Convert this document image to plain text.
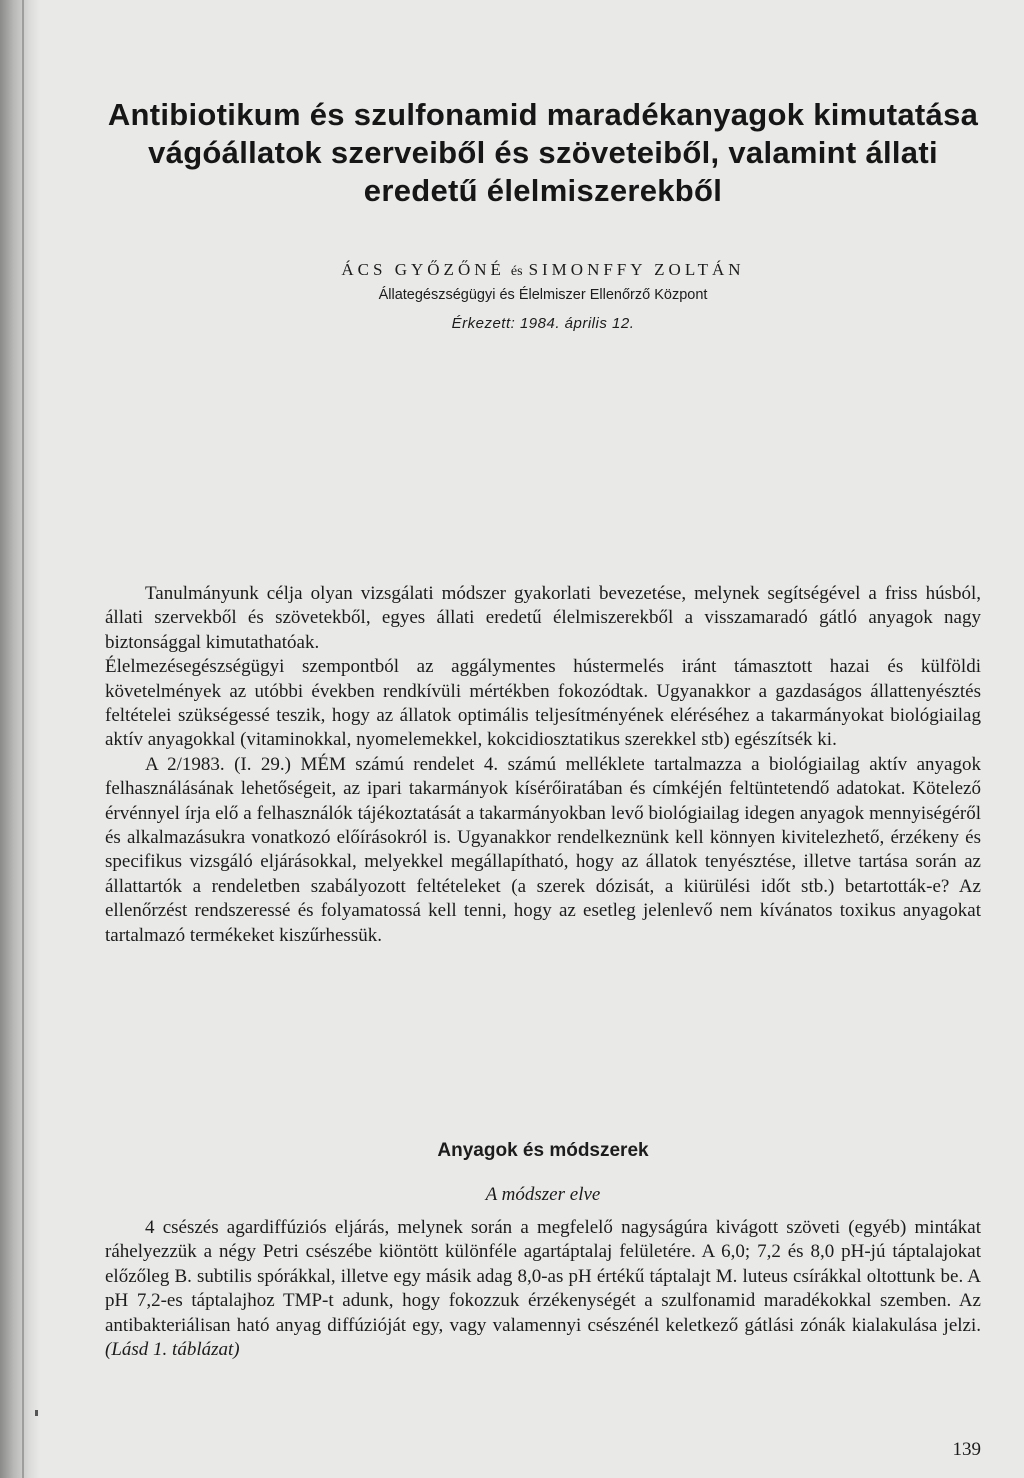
Antibiotikum és szulfonamid maradékanyagok kimutatása
vágóállatok szerveiből és szöveteiből, valamint állati
eredetű élelmiszerekből
ÁCS GYŐZŐNÉ és SIMONFFY ZOLTÁN
Állategészségügyi és Élelmiszer Ellenőrző Központ
Érkezett: 1984. április 12.

Tanulmányunk célja olyan vizsgálati módszer gyakorlati bevezetése, melynek segítségével a friss húsból, állati szervekből és szövetekből, egyes állati eredetű élelmiszerekből a visszamaradó gátló anyagok nagy biztonsággal kimutathatóak.

Élelmezésegészségügyi szempontból az aggálymentes hústermelés iránt támasztott hazai és külföldi követelmények az utóbbi években rendkívüli mértékben fokozódtak. Ugyanakkor a gazdaságos állattenyésztés feltételei szükségessé teszik, hogy az állatok optimális teljesítményének eléréséhez a takarmányokat biológiailag aktív anyagokkal (vitaminokkal, nyomelemekkel, kokcidiosztatikus szerekkel stb) egészítsék ki.

A 2/1983. (I. 29.) MÉM számú rendelet 4. számú melléklete tartalmazza a biológiailag aktív anyagok felhasználásának lehetőségeit, az ipari takarmányok kísérőiratában és címkéjén feltüntetendő adatokat. Kötelező érvénnyel írja elő a felhasználók tájékoztatását a takarmányokban levő biológiailag idegen anyagok mennyiségéről és alkalmazásukra vonatkozó előírásokról is. Ugyanakkor rendelkeznünk kell könnyen kivitelezhető, érzékeny és specifikus vizsgáló eljárásokkal, melyekkel megállapítható, hogy az állatok tenyésztése, illetve tartása során az állattartók a rendeletben szabályozott feltételeket (a szerek dózisát, a kiürülési időt stb.) betartották-e? Az ellenőrzést rendszeressé és folyamatossá kell tenni, hogy az esetleg jelenlevő nem kívánatos toxikus anyagokat tartalmazó termékeket kiszűrhessük.

Anyagok és módszerek
A módszer elve

4 csészés agardiffúziós eljárás, melynek során a megfelelő nagyságúra kivágott szöveti (egyéb) mintákat ráhelyezzük a négy Petri csészébe kiöntött különféle agartáptalaj felületére. A 6,0; 7,2 és 8,0 pH-jú táptalajokat előzőleg B. subtilis spórákkal, illetve egy másik adag 8,0-as pH értékű táptalajt M. luteus csírákkal oltottunk be. A pH 7,2-es táptalajhoz TMP-t adunk, hogy fokozzuk érzékenységét a szulfonamid maradékokkal szemben. Az antibakteriálisan ható anyag diffúzióját egy, vagy valamennyi csészénél keletkező gátlási zónák kialakulása jelzi. (Lásd 1. táblázat)

139
